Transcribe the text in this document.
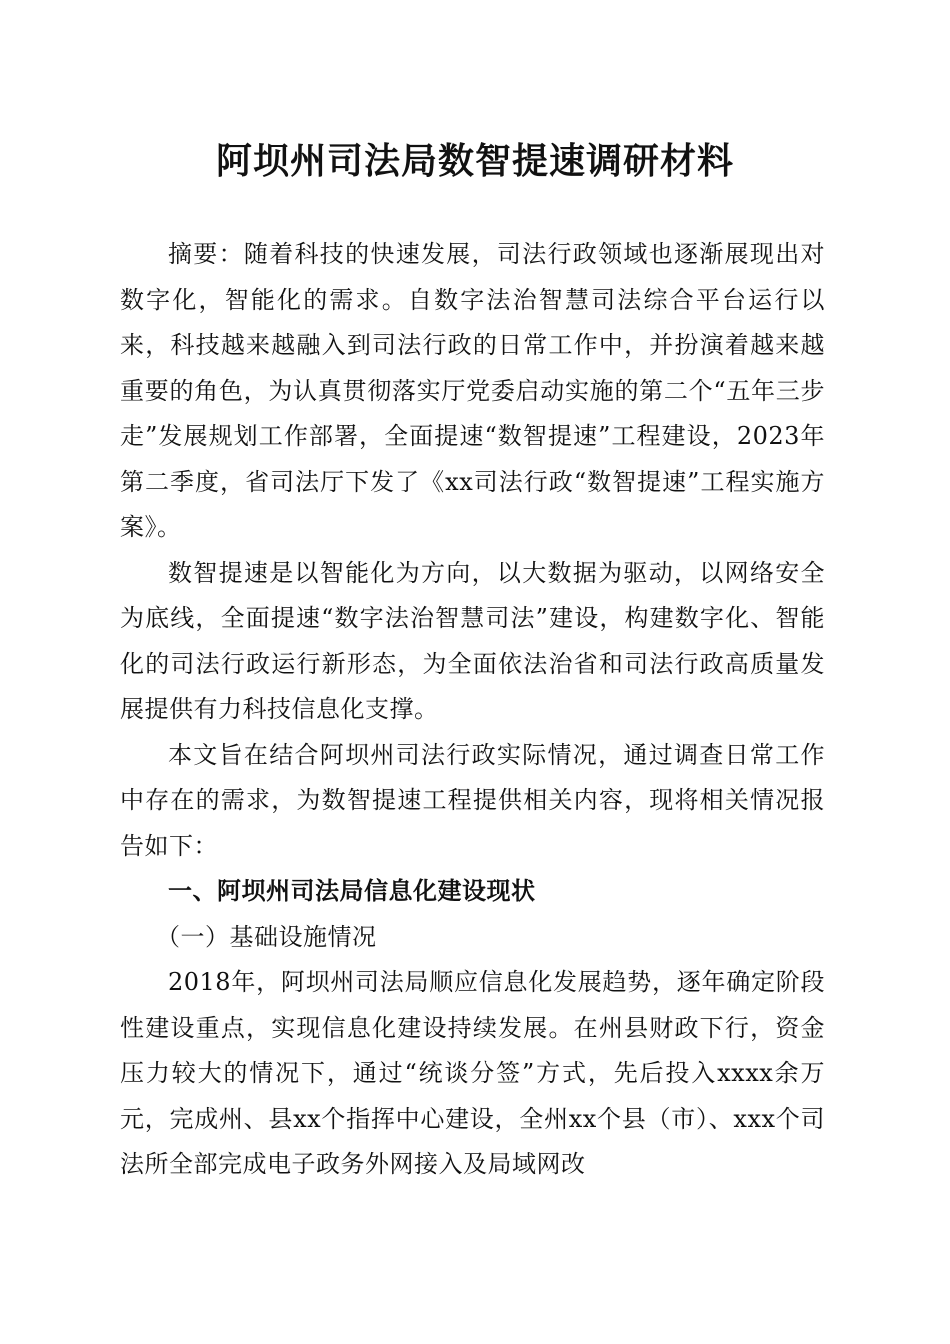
阿坝州司法局数智提速调研材料

摘要：随着科技的快速发展，司法行政领域也逐渐展现出对数字化，智能化的需求。自数字法治智慧司法综合平台运行以来，科技越来越融入到司法行政的日常工作中，并扮演着越来越重要的角色，为认真贯彻落实厅党委启动实施的第二个“五年三步走”发展规划工作部署，全面提速“数智提速”工程建设，2023年第二季度，省司法厅下发了《xx司法行政“数智提速”工程实施方案》。

数智提速是以智能化为方向，以大数据为驱动，以网络安全为底线，全面提速“数字法治智慧司法”建设，构建数字化、智能化的司法行政运行新形态，为全面依法治省和司法行政高质量发展提供有力科技信息化支撑。

本文旨在结合阿坝州司法行政实际情况，通过调查日常工作中存在的需求，为数智提速工程提供相关内容，现将相关情况报告如下：

一、阿坝州司法局信息化建设现状
（一）基础设施情况

2018年，阿坝州司法局顺应信息化发展趋势，逐年确定阶段性建设重点，实现信息化建设持续发展。在州县财政下行，资金压力较大的情况下，通过“统谈分签”方式，先后投入xxxx余万元，完成州、县xx个指挥中心建设，全州xx个县（市）、xxx个司法所全部完成电子政务外网接入及局域网改
